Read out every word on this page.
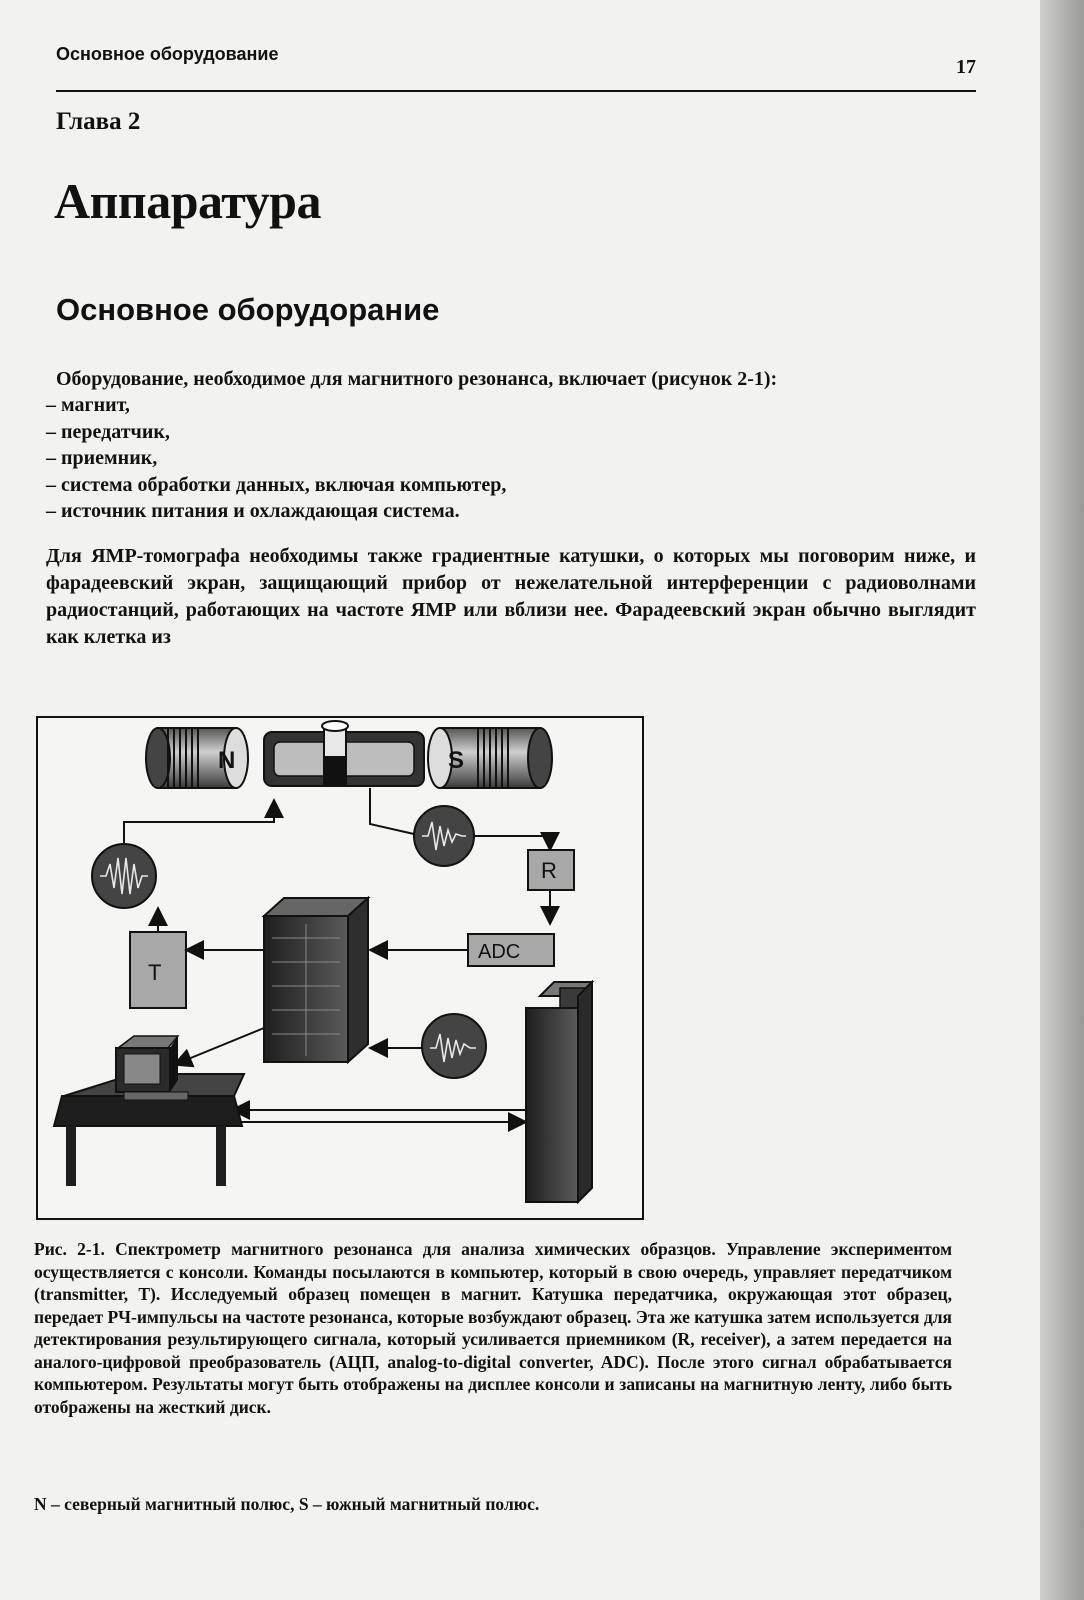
Основное оборудование
17
Глава 2
Аппаратура
Основное оборудорание
Оборудование, необходимое для магнитного резонанса, включает (рисунок 2-1):
– магнит,
– передатчик,
– приемник,
– система обработки данных, включая компьютер,
– источник питания и охлаждающая система.

Для ЯМР-томографа необходимы также градиентные катушки, о которых мы поговорим ниже, и фарадеевский экран, защищающий прибор от нежелательной интерференции с радиоволнами радиостанций, работающих на частоте ЯМР или вблизи нее. Фарадеевский экран обычно выглядит как клетка из

N	S
R
ADC
T

Рис. 2-1. Спектрометр магнитного резонанса для анализа химических образцов. Управление экспериментом осуществляется с консоли. Команды посылаются в компьютер, который в свою очередь, управляет передатчиком (transmitter, T). Исследуемый образец помещен в магнит. Катушка передатчика, окружающая этот образец, передает РЧ-импульсы на частоте резонанса, которые возбуждают образец. Эта же катушка затем используется для детектирования результирующего сигнала, который усиливается приемником (R, receiver), а затем передается на аналого-цифровой преобразователь (АЦП, analog-to-digital converter, ADC). После этого сигнал обрабатывается компьютером. Результаты могут быть отображены на дисплее консоли и записаны на магнитную ленту, либо быть отображены на жесткий диск.

N – северный магнитный полюс, S – южный магнитный полюс.
